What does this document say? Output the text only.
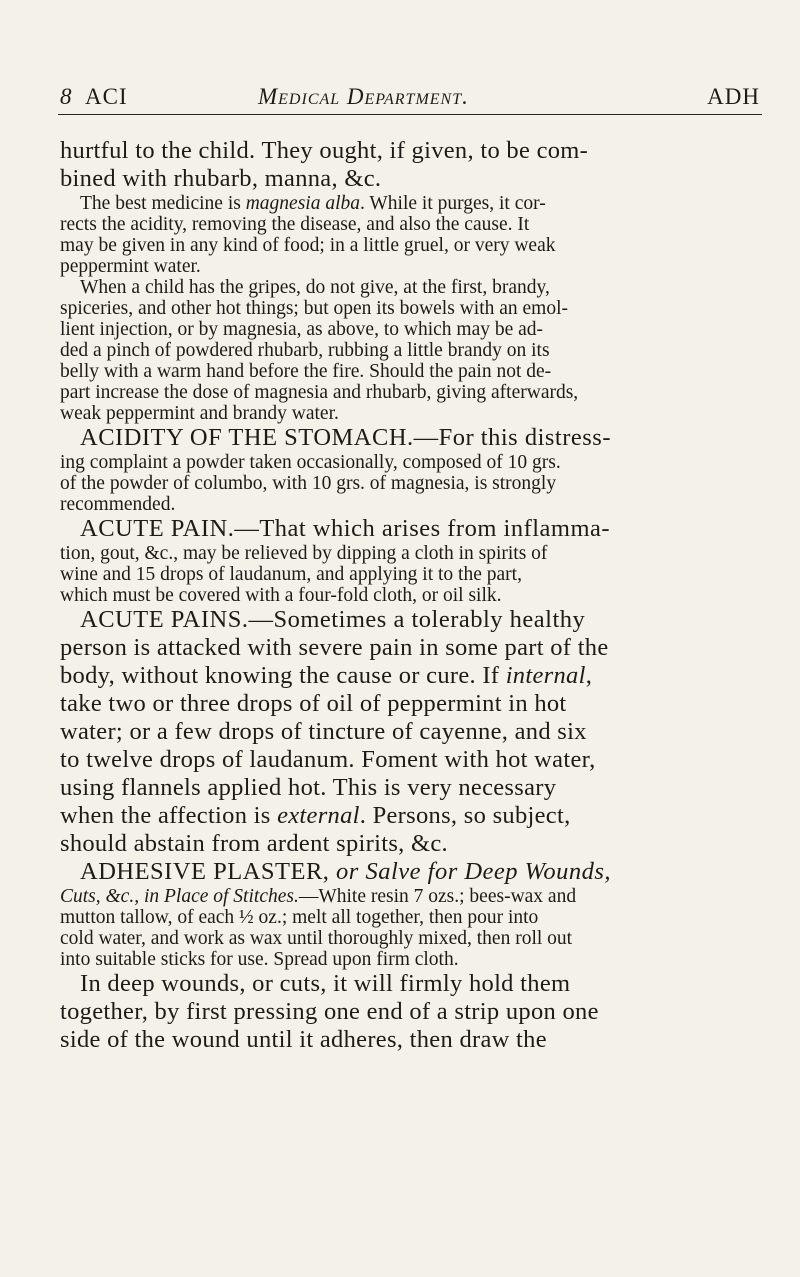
8 ACI	Medical Department.	ADH
hurtful to the child. They ought, if given, to be com-
bined with rhubarb, manna, &c.
The best medicine is magnesia alba. While it purges, it cor-
rects the acidity, removing the disease, and also the cause. It
may be given in any kind of food; in a little gruel, or very weak
peppermint water.
When a child has the gripes, do not give, at the first, brandy,
spiceries, and other hot things; but open its bowels with an emol-
lient injection, or by magnesia, as above, to which may be ad-
ded a pinch of powdered rhubarb, rubbing a little brandy on its
belly with a warm hand before the fire. Should the pain not de-
part increase the dose of magnesia and rhubarb, giving afterwards,
weak peppermint and brandy water.
ACIDITY OF THE STOMACH.—For this distress-
ing complaint a powder taken occasionally, composed of 10 grs.
of the powder of columbo, with 10 grs. of magnesia, is strongly
recommended.
ACUTE PAIN.—That which arises from inflamma-
tion, gout, &c., may be relieved by dipping a cloth in spirits of
wine and 15 drops of laudanum, and applying it to the part,
which must be covered with a four-fold cloth, or oil silk.
ACUTE PAINS.—Sometimes a tolerably healthy
person is attacked with severe pain in some part of the
body, without knowing the cause or cure. If internal,
take two or three drops of oil of peppermint in hot
water; or a few drops of tincture of cayenne, and six
to twelve drops of laudanum. Foment with hot water,
using flannels applied hot. This is very necessary
when the affection is external. Persons, so subject,
should abstain from ardent spirits, &c.
ADHESIVE PLASTER, or Salve for Deep Wounds,
Cuts, &c., in Place of Stitches.—White resin 7 ozs.; bees-wax and
mutton tallow, of each ½ oz.; melt all together, then pour into
cold water, and work as wax until thoroughly mixed, then roll out
into suitable sticks for use. Spread upon firm cloth.
In deep wounds, or cuts, it will firmly hold them
together, by first pressing one end of a strip upon one
side of the wound until it adheres, then draw the
